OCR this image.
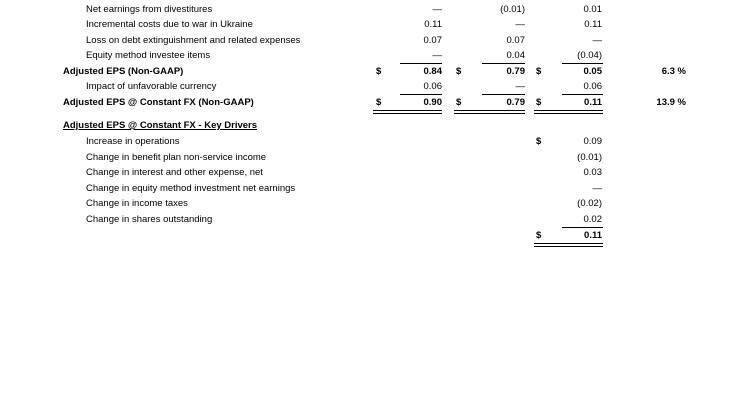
Net earnings from divestitures	—	(0.01)	0.01
Incremental costs due to war in Ukraine	0.11	—	0.11
Loss on debt extinguishment and related expenses	0.07	0.07	—
Equity method investee items	—	0.04	(0.04)
Adjusted EPS (Non-GAAP)	$	0.84 $	0.79 $	0.05	6.3 %
Impact of unfavorable currency	0.06	—	0.06
Adjusted EPS @ Constant FX (Non-GAAP)	$	0.90 $	0.79 $	0.11	13.9 %
Adjusted EPS @ Constant FX - Key Drivers
Increase in operations	$	0.09
Change in benefit plan non-service income	(0.01)
Change in interest and other expense, net	0.03
Change in equity method investment net earnings	—
Change in income taxes	(0.02)
Change in shares outstanding	0.02
$	0.11
